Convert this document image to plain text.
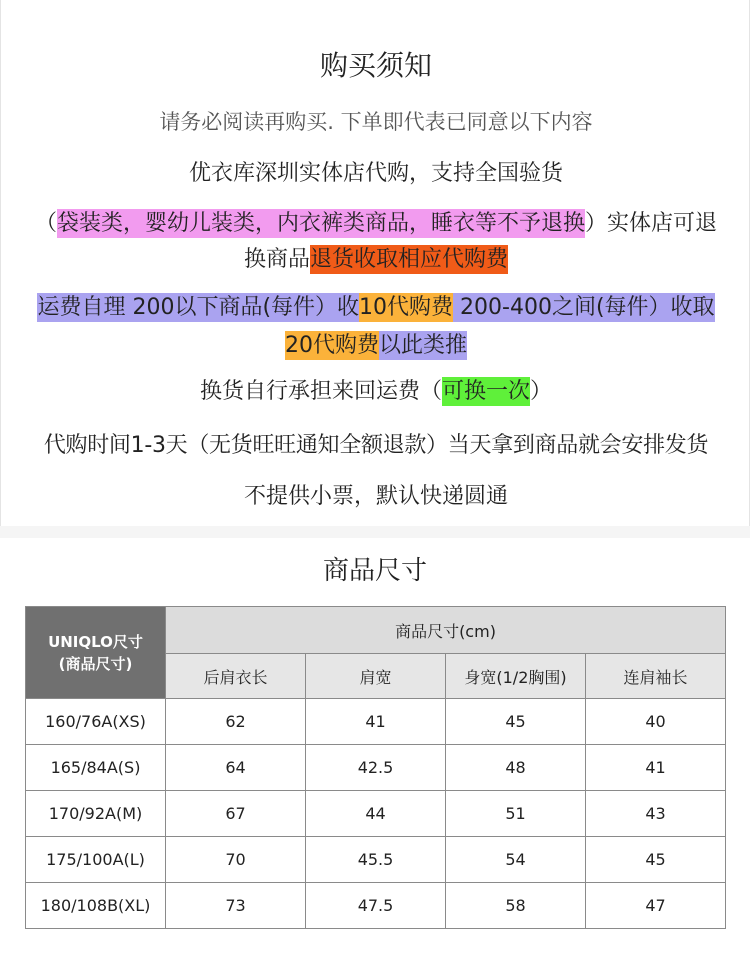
购买须知
请务必阅读再购买. 下单即代表已同意以下内容
优衣库深圳实体店代购，支持全国验货
（袋装类，婴幼儿装类，内衣裤类商品，睡衣等不予退换）实体店可退
换商品退货收取相应代购费
运费自理 200以下商品(每件）收10代购费 200-400之间(每件）收取
20代购费以此类推
换货自行承担来回运费（可换一次）
代购时间1-3天（无货旺旺通知全额退款）当天拿到商品就会安排发货
不提供小票，默认快递圆通
商品尺寸
UNIQLO尺寸
(商品尺寸)	商品尺寸(cm)			
	后肩衣长	肩宽	身宽(1/2胸围)	连肩袖长
160/76A(XS)	62	41	45	40
165/84A(S)	64	42.5	48	41
170/92A(M)	67	44	51	43
175/100A(L)	70	45.5	54	45
180/108B(XL)	73	47.5	58	47
